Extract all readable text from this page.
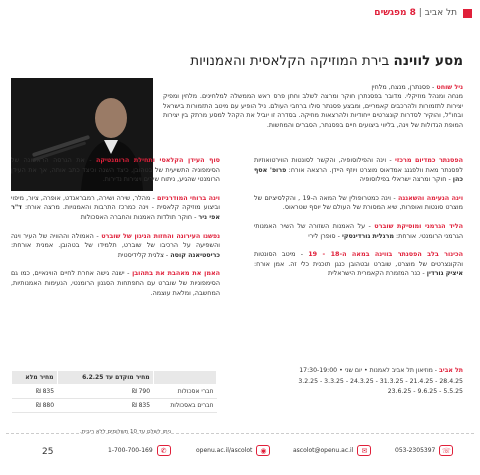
תל אביב | 8 מפגשים
מסע לווינה בירת המוזיקה הקלאסית והאמנויות
ניל שוחט - פסנתרן, מנצח, מלחין
מנחה ומנהל מוזיקלי. מדובר בפסנתרן חוקר ומרצה לשלב וחתן פרס ראש הממשלה למלחינים. מלחין ומפיק יצירות לתזמורות ולהרכבים קאמריים, ומבצע פסנתר סולו ברחבי העולם. ניל הופיע עם מיטב התזמורות בישראל ובחו"ל, והוקיר לסדרות קונצרטים ייחודיות ולהרצאות מוזיקה. בסדרה זו יוביל את הקהל למסע מרתק בין יצירות המופת הגדולות של וינה, בליווי ביצועים חיים בפסנתר, הסברים והמחשות.

הפסנתר כמדיום מרכזי - וינה והפילוסופיה, והקשר לסונטות הווירטואוזיות לפסנתר מאת וולפגנג אמדאוס מוצרט ויוזף היידן. הרצאה אורח: פרופ' אסף כהן - חוקר ומרצה ישראלי בפילוסופיה

וינה הנעימה והשאננה - וינה כמטרופולין של המאה ה-19 , והקלסיציזם של מוצרט סונטות ואופרות, שיא המסורת של העולם של יוסף שטראוס.

הליד הגרמני ומוסיקת שוברט - על האמנות השזורה של השיר האמנותי הגרמני הרומנטי. אורחת: מרגלית גורדינסקי - סופרן לירי

הכינור בלב הפסנתר בווינה במאה ה-18 - 19 - מיטב הסונטות והקונצרטים של מוצרט, שוברט ובטהובן כנגן תוכנית כלי זה. אמן אורח: איציק גורדין - כנר המזמרת הקאמרית הישראלית

סוף העידן הקלאסי ותחילת הרומנטיקה - את הגרסה הראשונה של הסימפוניה התשיעית של בטהובן, כיצד השנה וכיצד כתב אותה, אך את העידן הרומנטי שהגיע, ניתוח שירים ויצירות נדירות.

וינה ברוחי המודרניזם - מהלר, שירה ושירה, רמבראנדט, אופרה, ציור, מיפוי וביצוע מוזיקה קלאסית - וינה כמרכז התרבות והאמנויות. מרצה אורח: ד"ר אפי ניר - חוקר תולדות האמנות והחברה האסכולות

נפשנו העירונה והחזות הניגון של שוברט - האמולה וההוויה של העיר וינה והשפיעה על הרכיבו של שוברט, תלמידו של בטהובן. אמנית אורחת: כריסטיאנה קוסה - צלנית קלידיסטית

האמן את מאהבת את בתהובן - ישנה גישה אחרת לחיים הווינאיים, כמו גם הסימפוניות של שוברט עם התפתחות הסגנון הרומנטי, הנעימות האמנותיות, המחשבה, ומלאת עוצמה.

תל אביב - מוזיאון תל אביב לאמנות • יום שני • 17:30-19:00

3.2.25 - 3.3.25 - 24.3.25 - 31.3.25 - 21.4.25 - 28.4.25
23.6.25 - 9.6.25 - 5.5.25
	מחיר מוקדם עד 6.2.25	מחיר מלא
חברי אסכולות	790 ₪	835 ₪
חברים באסכולות	835 ₪	880 ₪
ניתן לשלם עד 10 תשלומים ללא ריבית.
25	1-700-700-169	✆	openu.ac.il/ascolot	◉	ascolot@openu.ac.il	✉	053-2305397 ☏
